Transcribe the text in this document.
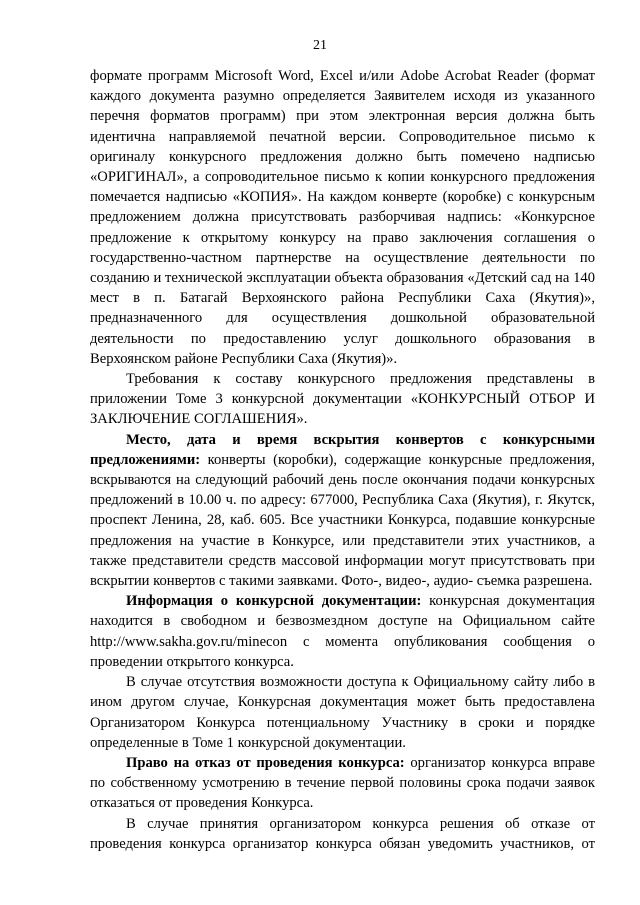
21

формате программ Microsoft Word, Excel и/или Adobe Acrobat Reader (формат каждого документа разумно определяется Заявителем исходя из указанного перечня форматов программ) при этом электронная версия должна быть идентична направляемой печатной версии. Сопроводительное письмо к оригиналу конкурсного предложения должно быть помечено надписью «ОРИГИНАЛ», а сопроводительное письмо к копии конкурсного предложения помечается надписью «КОПИЯ». На каждом конверте (коробке) с конкурсным предложением должна присутствовать разборчивая надпись: «Конкурсное предложение к открытому конкурсу на право заключения соглашения о государственно-частном партнерстве на осуществление деятельности по созданию и технической эксплуатации объекта образования «Детский сад на 140 мест в п. Батагай Верхоянского района Республики Саха (Якутия)», предназначенного для осуществления дошкольной образовательной деятельности по предоставлению услуг дошкольного образования в Верхоянском районе Республики Саха (Якутия)».

Требования к составу конкурсного предложения представлены в приложении Томе 3 конкурсной документации «КОНКУРСНЫЙ ОТБОР И ЗАКЛЮЧЕНИЕ СОГЛАШЕНИЯ».

Место, дата и время вскрытия конвертов с конкурсными предложениями: конверты (коробки), содержащие конкурсные предложения, вскрываются на следующий рабочий день после окончания подачи конкурсных предложений в 10.00 ч. по адресу: 677000, Республика Саха (Якутия), г. Якутск, проспект Ленина, 28, каб. 605. Все участники Конкурса, подавшие конкурсные предложения на участие в Конкурсе, или представители этих участников, а также представители средств массовой информации могут присутствовать при вскрытии конвертов с такими заявками. Фото-, видео-, аудио- съемка разрешена.

Информация о конкурсной документации: конкурсная документация находится в свободном и безвозмездном доступе на Официальном сайте http://www.sakha.gov.ru/minecon с момента опубликования сообщения о проведении открытого конкурса.

В случае отсутствия возможности доступа к Официальному сайту либо в ином другом случае, Конкурсная документация может быть предоставлена Организатором Конкурса потенциальному Участнику в сроки и порядке определенные в Томе 1 конкурсной документации.

Право на отказ от проведения конкурса: организатор конкурса вправе по собственному усмотрению в течение первой половины срока подачи заявок отказаться от проведения Конкурса.

В случае принятия организатором конкурса решения об отказе от проведения конкурса организатор конкурса обязан уведомить участников, от
